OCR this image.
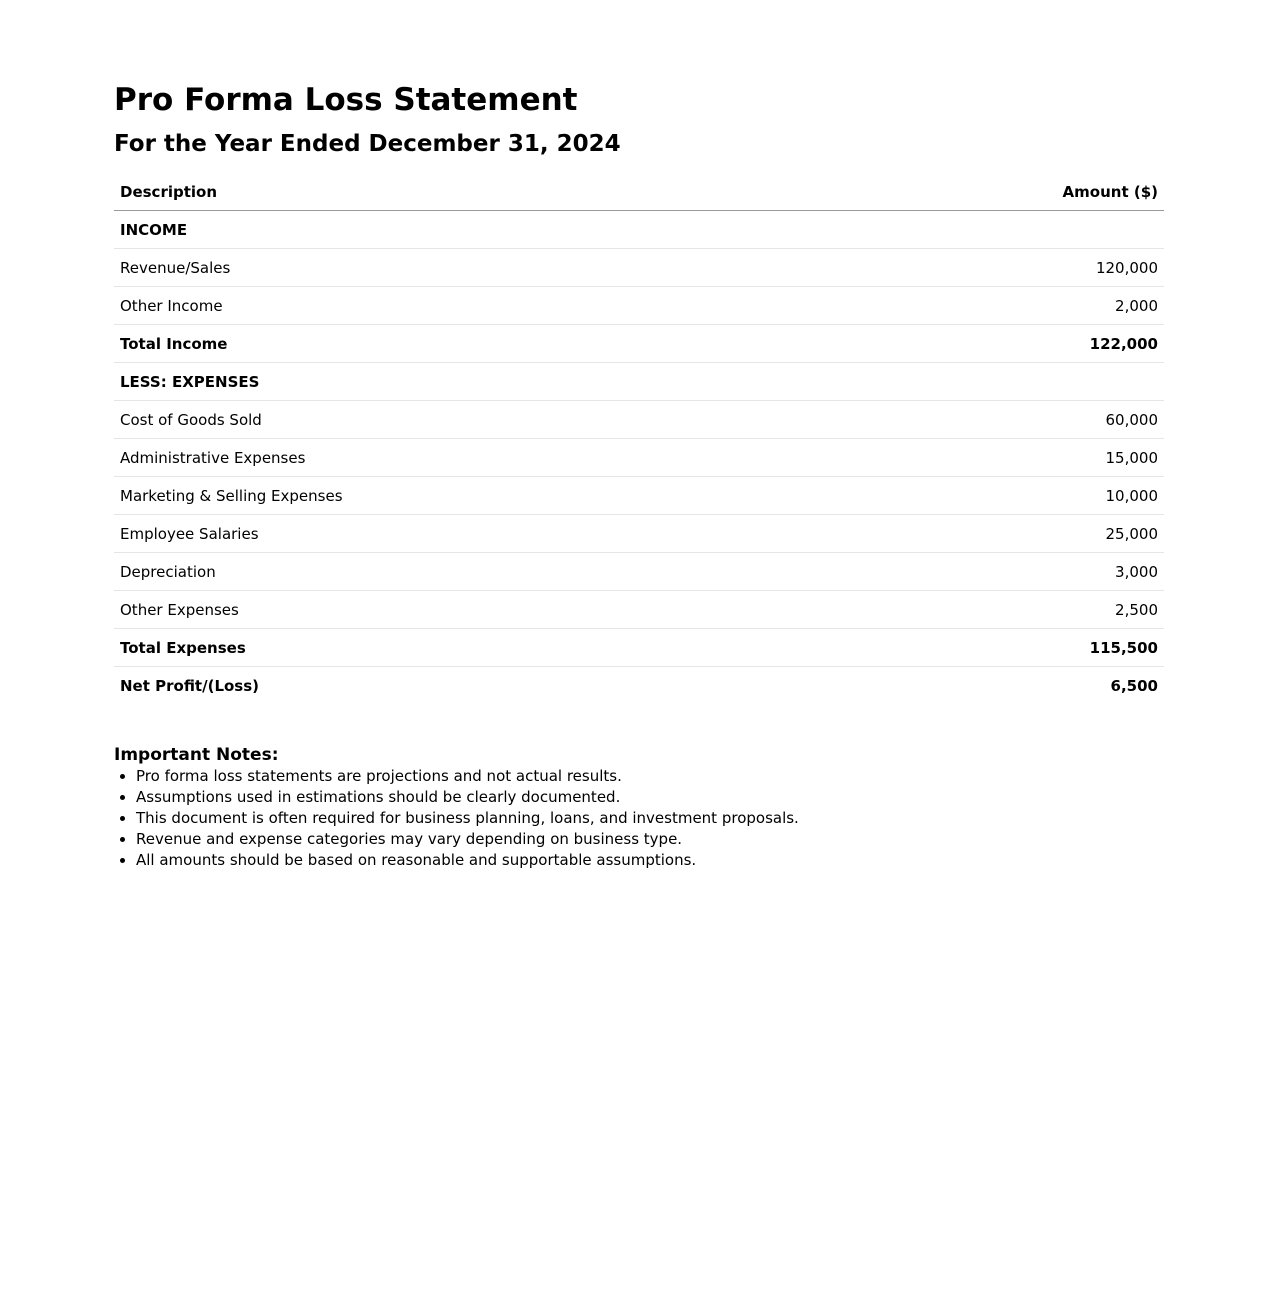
Pro Forma Loss Statement
For the Year Ended December 31, 2024
Description	Amount ($)
INCOME	
Revenue/Sales	120,000
Other Income	2,000
Total Income	122,000
LESS: EXPENSES	
Cost of Goods Sold	60,000
Administrative Expenses	15,000
Marketing & Selling Expenses	10,000
Employee Salaries	25,000
Depreciation	3,000
Other Expenses	2,500
Total Expenses	115,500
Net Profit/(Loss)	6,500
Important Notes:
• Pro forma loss statements are projections and not actual results.
• Assumptions used in estimations should be clearly documented.
• This document is often required for business planning, loans, and investment proposals.
• Revenue and expense categories may vary depending on business type.
• All amounts should be based on reasonable and supportable assumptions.
